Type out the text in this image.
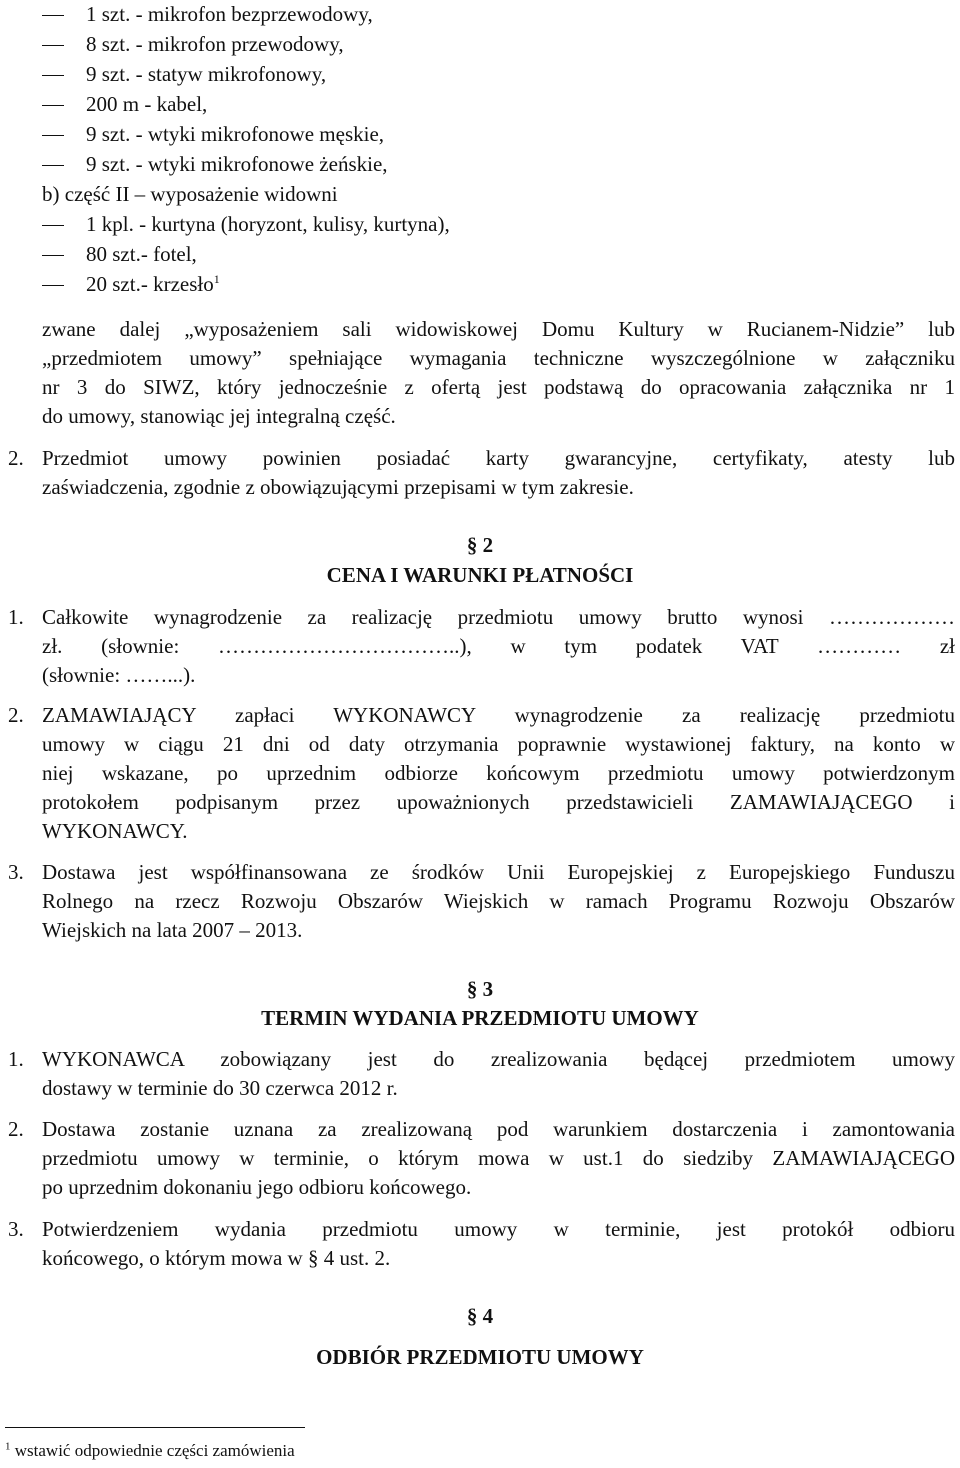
1 szt. - mikrofon bezprzewodowy,
8 szt. - mikrofon przewodowy,
9 szt. - statyw mikrofonowy,
200 m - kabel,
9 szt. - wtyki mikrofonowe męskie,
9 szt. - wtyki mikrofonowe żeńskie,
b) część II – wyposażenie widowni
1 kpl. - kurtyna (horyzont, kulisy, kurtyna),
80 szt.- fotel,
20 szt.- krzesło$^1$
zwane dalej „wyposażeniem sali widowiskowej Domu Kultury w Rucianem-Nidzie” lub
„przedmiotem umowy” spełniające wymagania techniczne wyszczególnione w załączniku
nr 3 do SIWZ, który jednocześnie z ofertą jest podstawą do opracowania załącznika nr 1
do umowy, stanowiąc jej integralną część.
2. Przedmiot umowy powinien posiadać karty gwarancyjne, certyfikaty, atesty lub
zaświadczenia, zgodnie z obowiązującymi przepisami w tym zakresie.
§ 2
CENA I WARUNKI PŁATNOŚCI
1. Całkowite wynagrodzenie za realizację przedmiotu umowy brutto wynosi ………………
zł. (słownie: ……………………………..), w tym podatek VAT ………… zł
(słownie: ……...).
2. ZAMAWIAJĄCY zapłaci WYKONAWCY wynagrodzenie za realizację przedmiotu
umowy w ciągu 21 dni od daty otrzymania poprawnie wystawionej faktury, na konto w
niej wskazane, po uprzednim odbiorze końcowym przedmiotu umowy potwierdzonym
protokołem podpisanym przez upoważnionych przedstawicieli ZAMAWIAJĄCEGO i
WYKONAWCY.
3. Dostawa jest współfinansowana ze środków Unii Europejskiej z Europejskiego Funduszu
Rolnego na rzecz Rozwoju Obszarów Wiejskich w ramach Programu Rozwoju Obszarów
Wiejskich na lata 2007 – 2013.
§ 3
TERMIN WYDANIA PRZEDMIOTU UMOWY
1. WYKONAWCA zobowiązany jest do zrealizowania będącej przedmiotem umowy
dostawy w terminie do 30 czerwca 2012 r.
2. Dostawa zostanie uznana za zrealizowaną pod warunkiem dostarczenia i zamontowania
przedmiotu umowy w terminie, o którym mowa w ust.1 do siedziby ZAMAWIAJĄCEGO
po uprzednim dokonaniu jego odbioru końcowego.
3. Potwierdzeniem wydania przedmiotu umowy w terminie, jest protokół odbioru
końcowego, o którym mowa w § 4 ust. 2.
§ 4
ODBIÓR PRZEDMIOTU UMOWY
$^1$ wstawić odpowiednie części zamówienia
